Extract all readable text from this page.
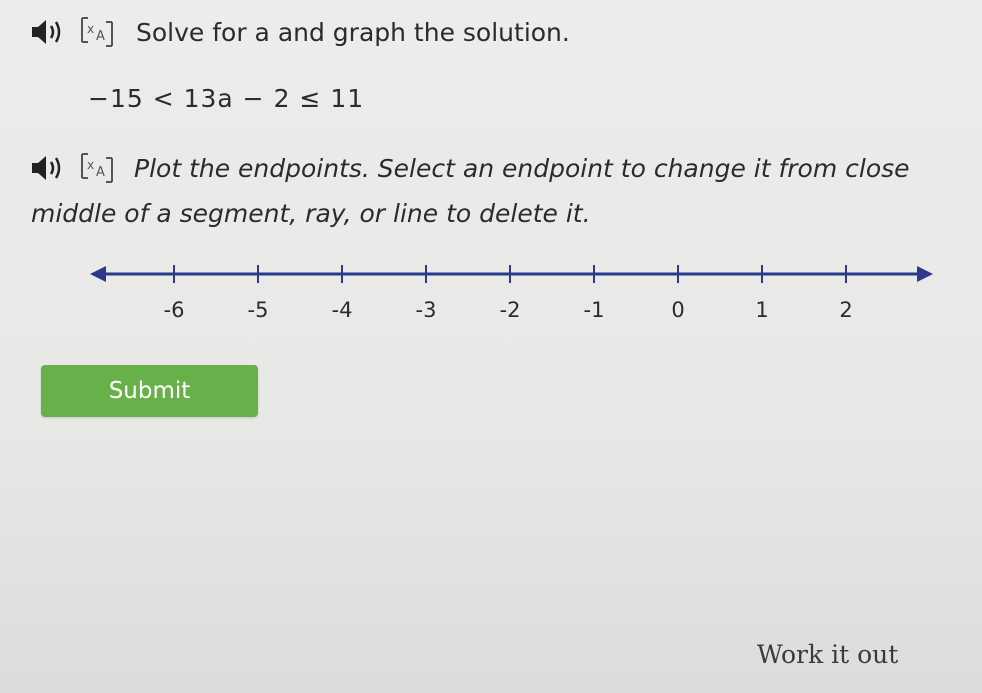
x A Solve for a and graph the solution.
−15 < 13a − 2 ≤ 11
x A Plot the endpoints. Select an endpoint to change it from close
middle of a segment, ray, or line to delete it.
-6	-5	-4	-3	-2	-1	0	1	2
Submit
Work it out
